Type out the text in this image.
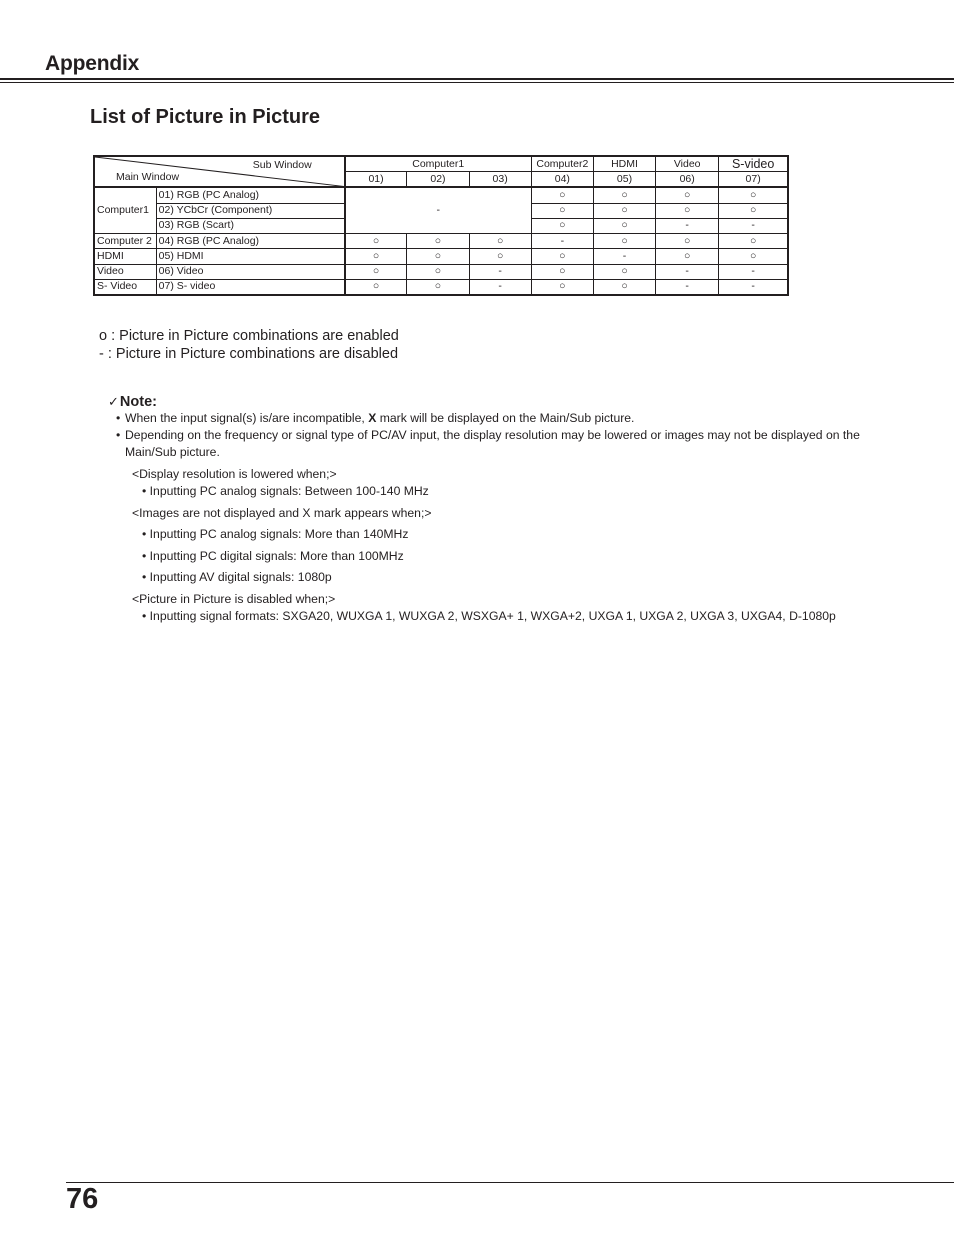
Appendix
List of Picture in Picture
Sub Window
Main Window		Computer1			Computer2	HDMI	Video	S-video
		01)	02)	03)	04)	05)	06)	07)
Computer1	01) RGB (PC Analog)	-			○	○	○	○
	02) YCbCr (Component)				○	○	○	○
	03) RGB (Scart)				○	○	-	-
Computer 2	04) RGB (PC Analog)	○	○	○	-	○	○	○
HDMI	05) HDMI	○	○	○	○	-	○	○
Video	06) Video	○	○	-	○	○	-	-
S- Video	07) S- video	○	○	-	○	○	-	-
o : Picture in Picture combinations are enabled
- : Picture in Picture combinations are disabled
✓Note:
• When the input signal(s) is/are incompatible, X mark will be displayed on the Main/Sub picture.
• Depending on the frequency or signal type of PC/AV input, the display resolution may be lowered or images may not be displayed on the Main/Sub picture.
<Display resolution is lowered when;>
• Inputting PC analog signals: Between 100-140 MHz
<Images are not displayed and X mark appears when;>
• Inputting PC analog signals: More than 140MHz
• Inputting PC digital signals: More than 100MHz
• Inputting AV digital signals: 1080p
<Picture in Picture is disabled when;>
• Inputting signal formats: SXGA20, WUXGA 1, WUXGA 2, WSXGA+ 1, WXGA+2, UXGA 1, UXGA 2, UXGA 3, UXGA4, D-1080p
76
